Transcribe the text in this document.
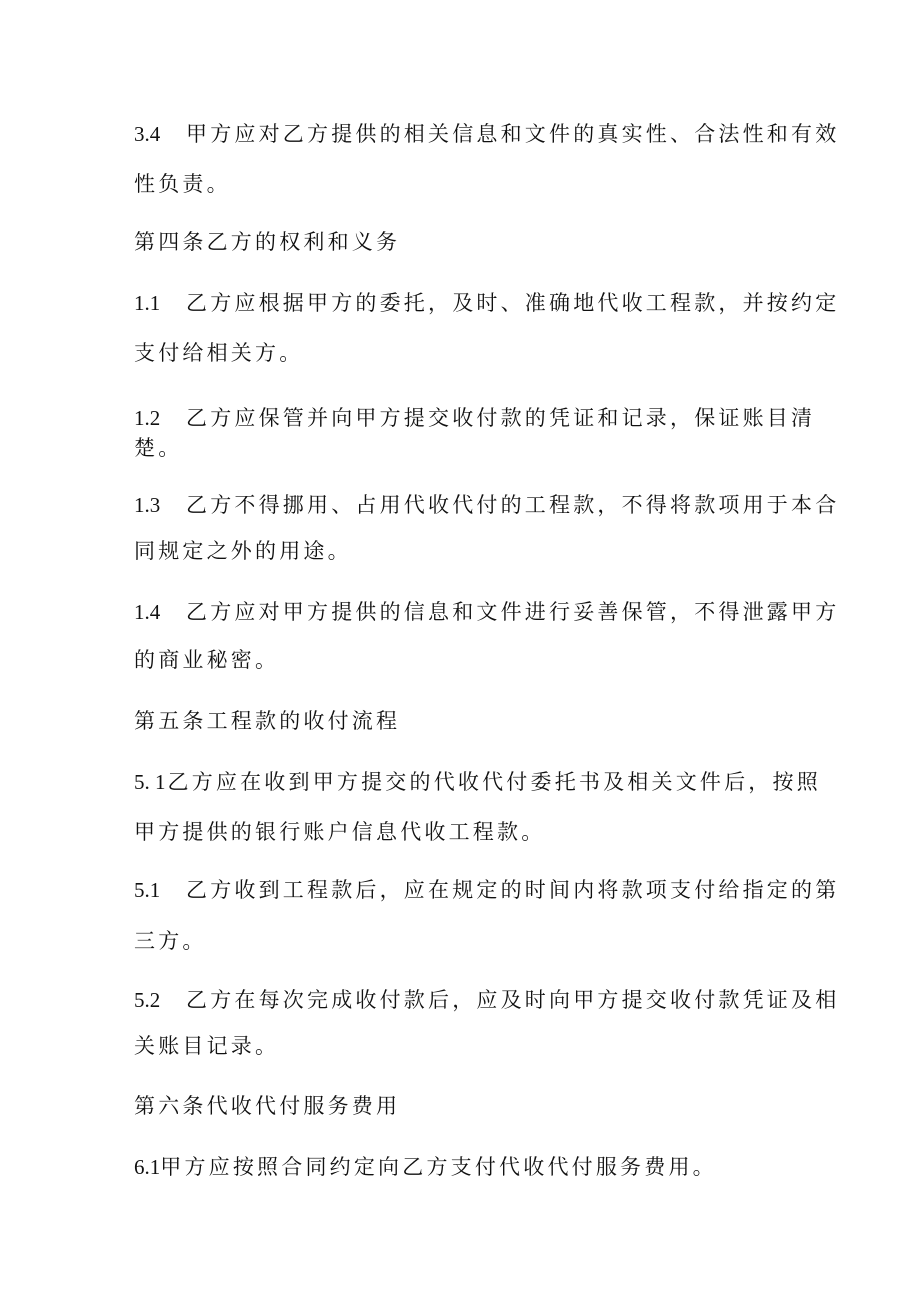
3.4 甲方应对乙方提供的相关信息和文件的真实性、合法性和有效
性负责。
第四条乙方的权利和义务
1.1 乙方应根据甲方的委托，及时、准确地代收工程款，并按约定
支付给相关方。
1.2 乙方应保管并向甲方提交收付款的凭证和记录，保证账目清
楚。
1.3 乙方不得挪用、占用代收代付的工程款，不得将款项用于本合
同规定之外的用途。
1.4 乙方应对甲方提供的信息和文件进行妥善保管，不得泄露甲方
的商业秘密。
第五条工程款的收付流程
5. 1乙方应在收到甲方提交的代收代付委托书及相关文件后，按照
甲方提供的银行账户信息代收工程款。
5.1 乙方收到工程款后，应在规定的时间内将款项支付给指定的第
三方。
5.2 乙方在每次完成收付款后，应及时向甲方提交收付款凭证及相
关账目记录。
第六条代收代付服务费用
6.1甲方应按照合同约定向乙方支付代收代付服务费用。
